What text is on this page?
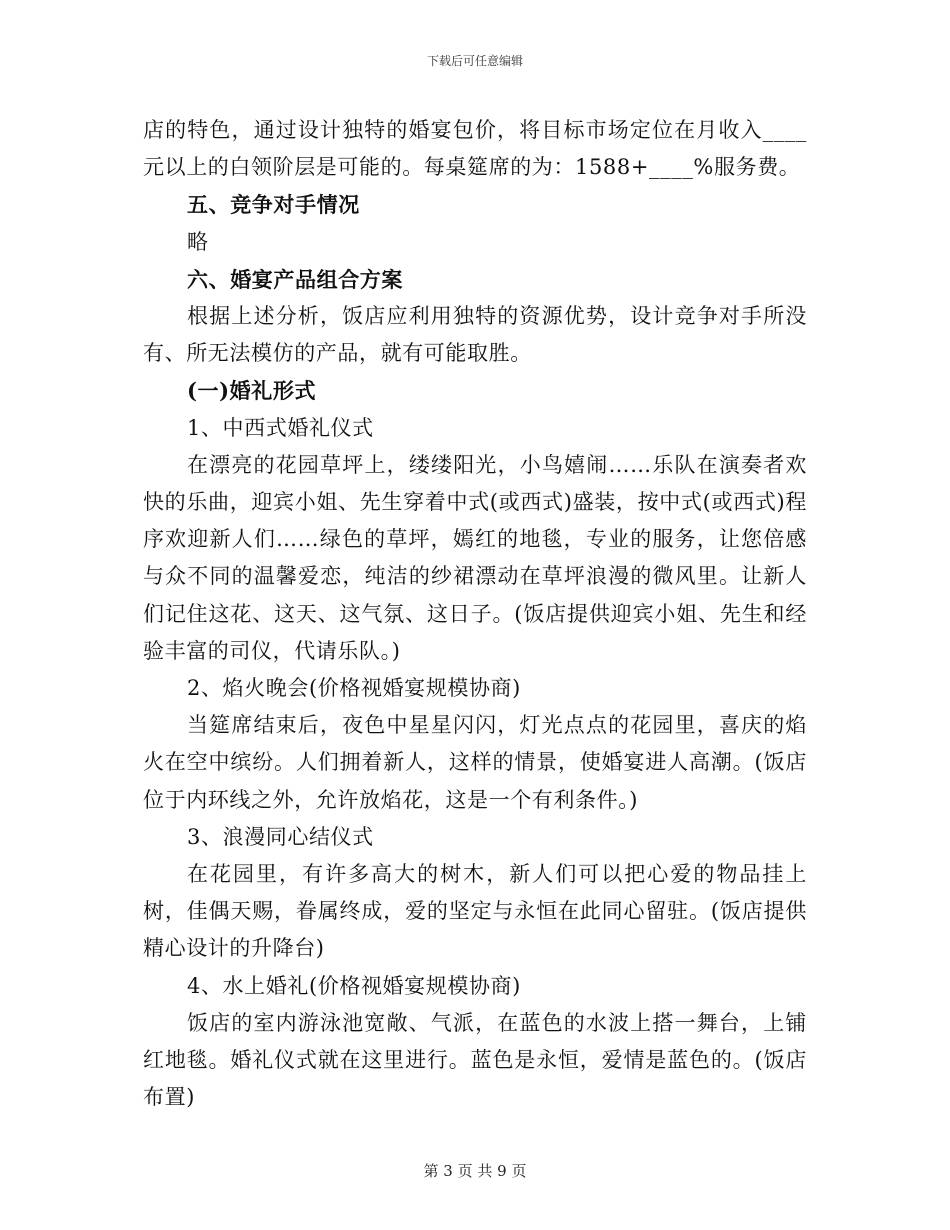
下载后可任意编辑

店的特色，通过设计独特的婚宴包价，将目标市场定位在月收入____元以上的白领阶层是可能的。每桌筵席的为：1588+____%服务费。

五、竞争对手情况

略

六、婚宴产品组合方案

根据上述分析，饭店应利用独特的资源优势，设计竞争对手所没有、所无法模仿的产品，就有可能取胜。

(一)婚礼形式

1、中西式婚礼仪式

在漂亮的花园草坪上，缕缕阳光，小鸟嬉闹……乐队在演奏者欢快的乐曲，迎宾小姐、先生穿着中式(或西式)盛装，按中式(或西式)程序欢迎新人们……绿色的草坪，嫣红的地毯，专业的服务，让您倍感与众不同的温馨爱恋，纯洁的纱裙漂动在草坪浪漫的微风里。让新人们记住这花、这天、这气氛、这日子。(饭店提供迎宾小姐、先生和经验丰富的司仪，代请乐队。)

2、焰火晚会(价格视婚宴规模协商)

当筵席结束后，夜色中星星闪闪，灯光点点的花园里，喜庆的焰火在空中缤纷。人们拥着新人，这样的情景，使婚宴进人高潮。(饭店位于内环线之外，允许放焰花，这是一个有利条件。)

3、浪漫同心结仪式

在花园里，有许多高大的树木，新人们可以把心爱的物品挂上树，佳偶天赐，眷属终成，爱的坚定与永恒在此同心留驻。(饭店提供精心设计的升降台)

4、水上婚礼(价格视婚宴规模协商)

饭店的室内游泳池宽敞、气派，在蓝色的水波上搭一舞台，上铺红地毯。婚礼仪式就在这里进行。蓝色是永恒，爱情是蓝色的。(饭店布置)

第 3 页 共 9 页
